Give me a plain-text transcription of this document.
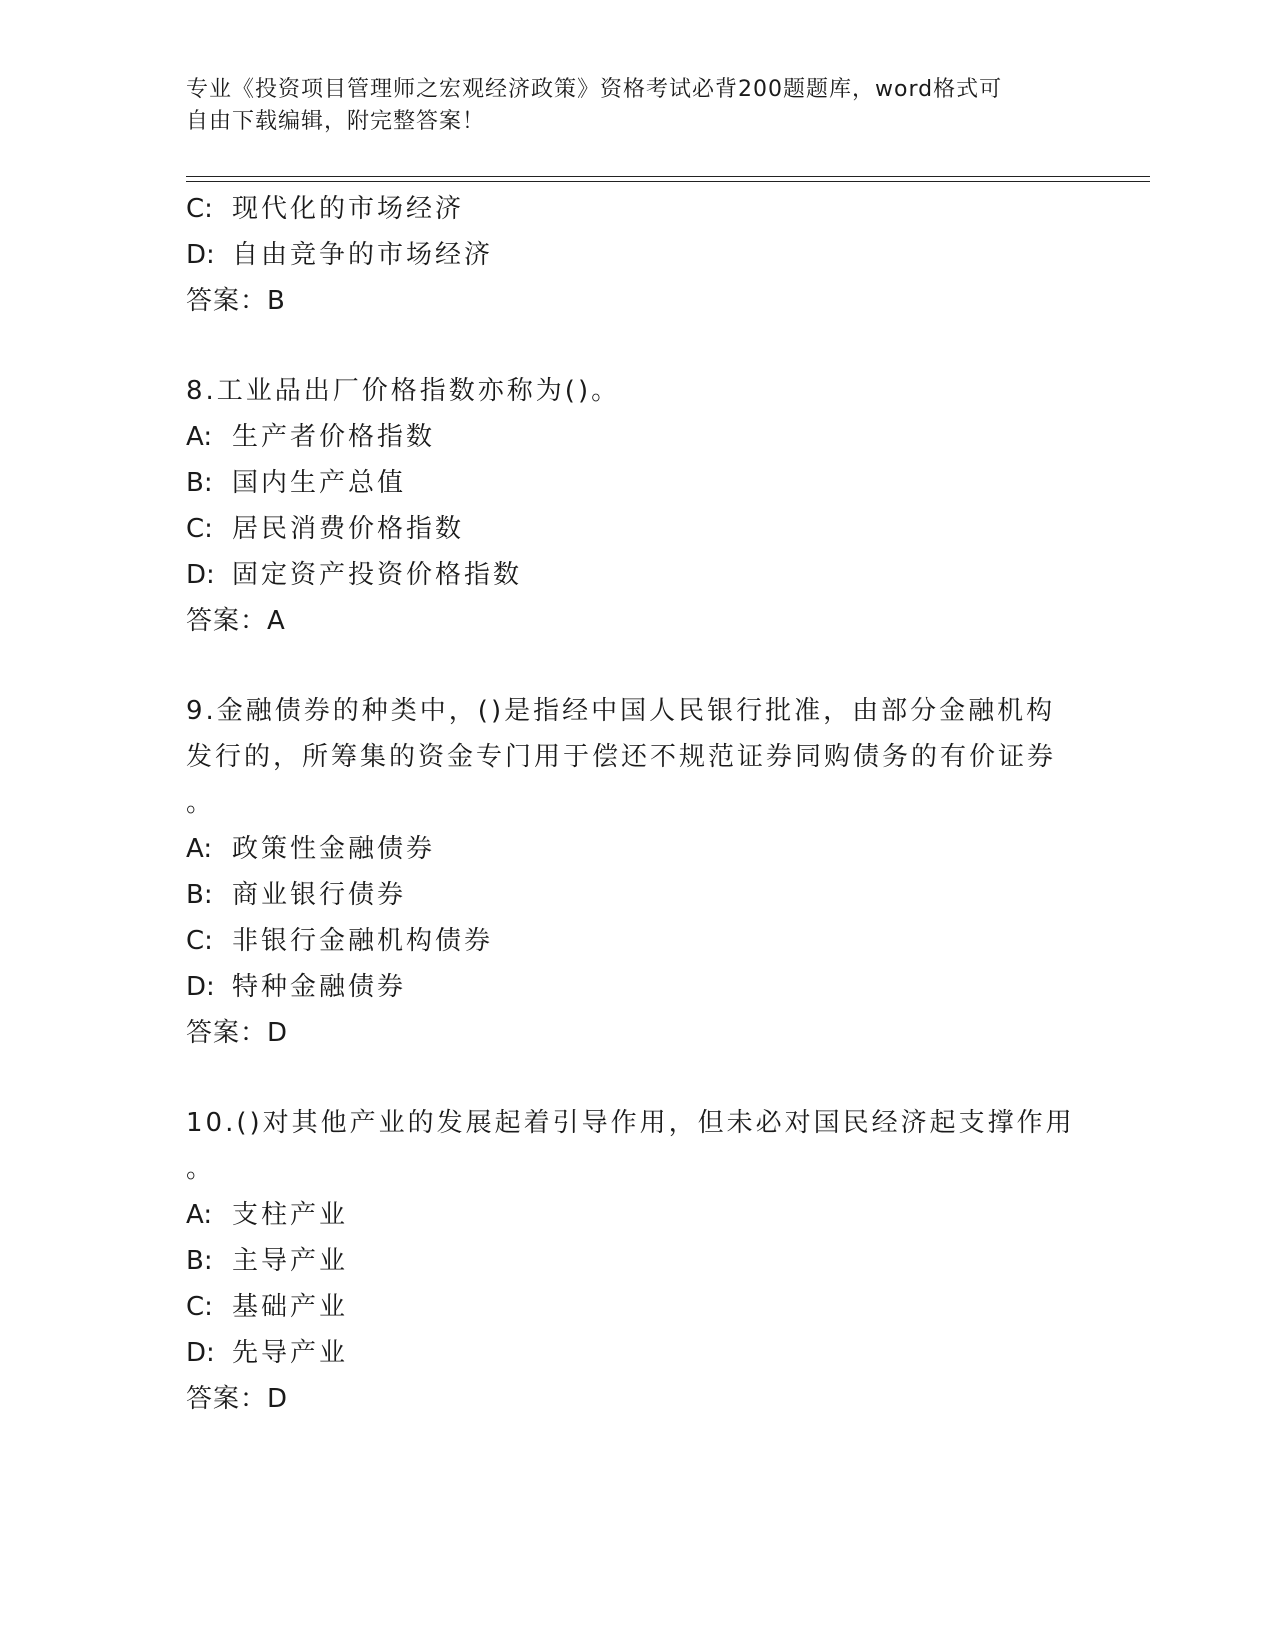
专业《投资项目管理师之宏观经济政策》资格考试必背200题题库，word格式可
自由下载编辑，附完整答案！
C: 现代化的市场经济
D: 自由竞争的市场经济
答案：B
8.工业品出厂价格指数亦称为()。
A: 生产者价格指数
B: 国内生产总值
C: 居民消费价格指数
D: 固定资产投资价格指数
答案：A
9.金融债券的种类中，()是指经中国人民银行批准，由部分金融机构
发行的，所筹集的资金专门用于偿还不规范证券同购债务的有价证券
。
A: 政策性金融债券
B: 商业银行债券
C: 非银行金融机构债券
D: 特种金融债券
答案：D
10.()对其他产业的发展起着引导作用，但未必对国民经济起支撑作用
。
A: 支柱产业
B: 主导产业
C: 基础产业
D: 先导产业
答案：D
